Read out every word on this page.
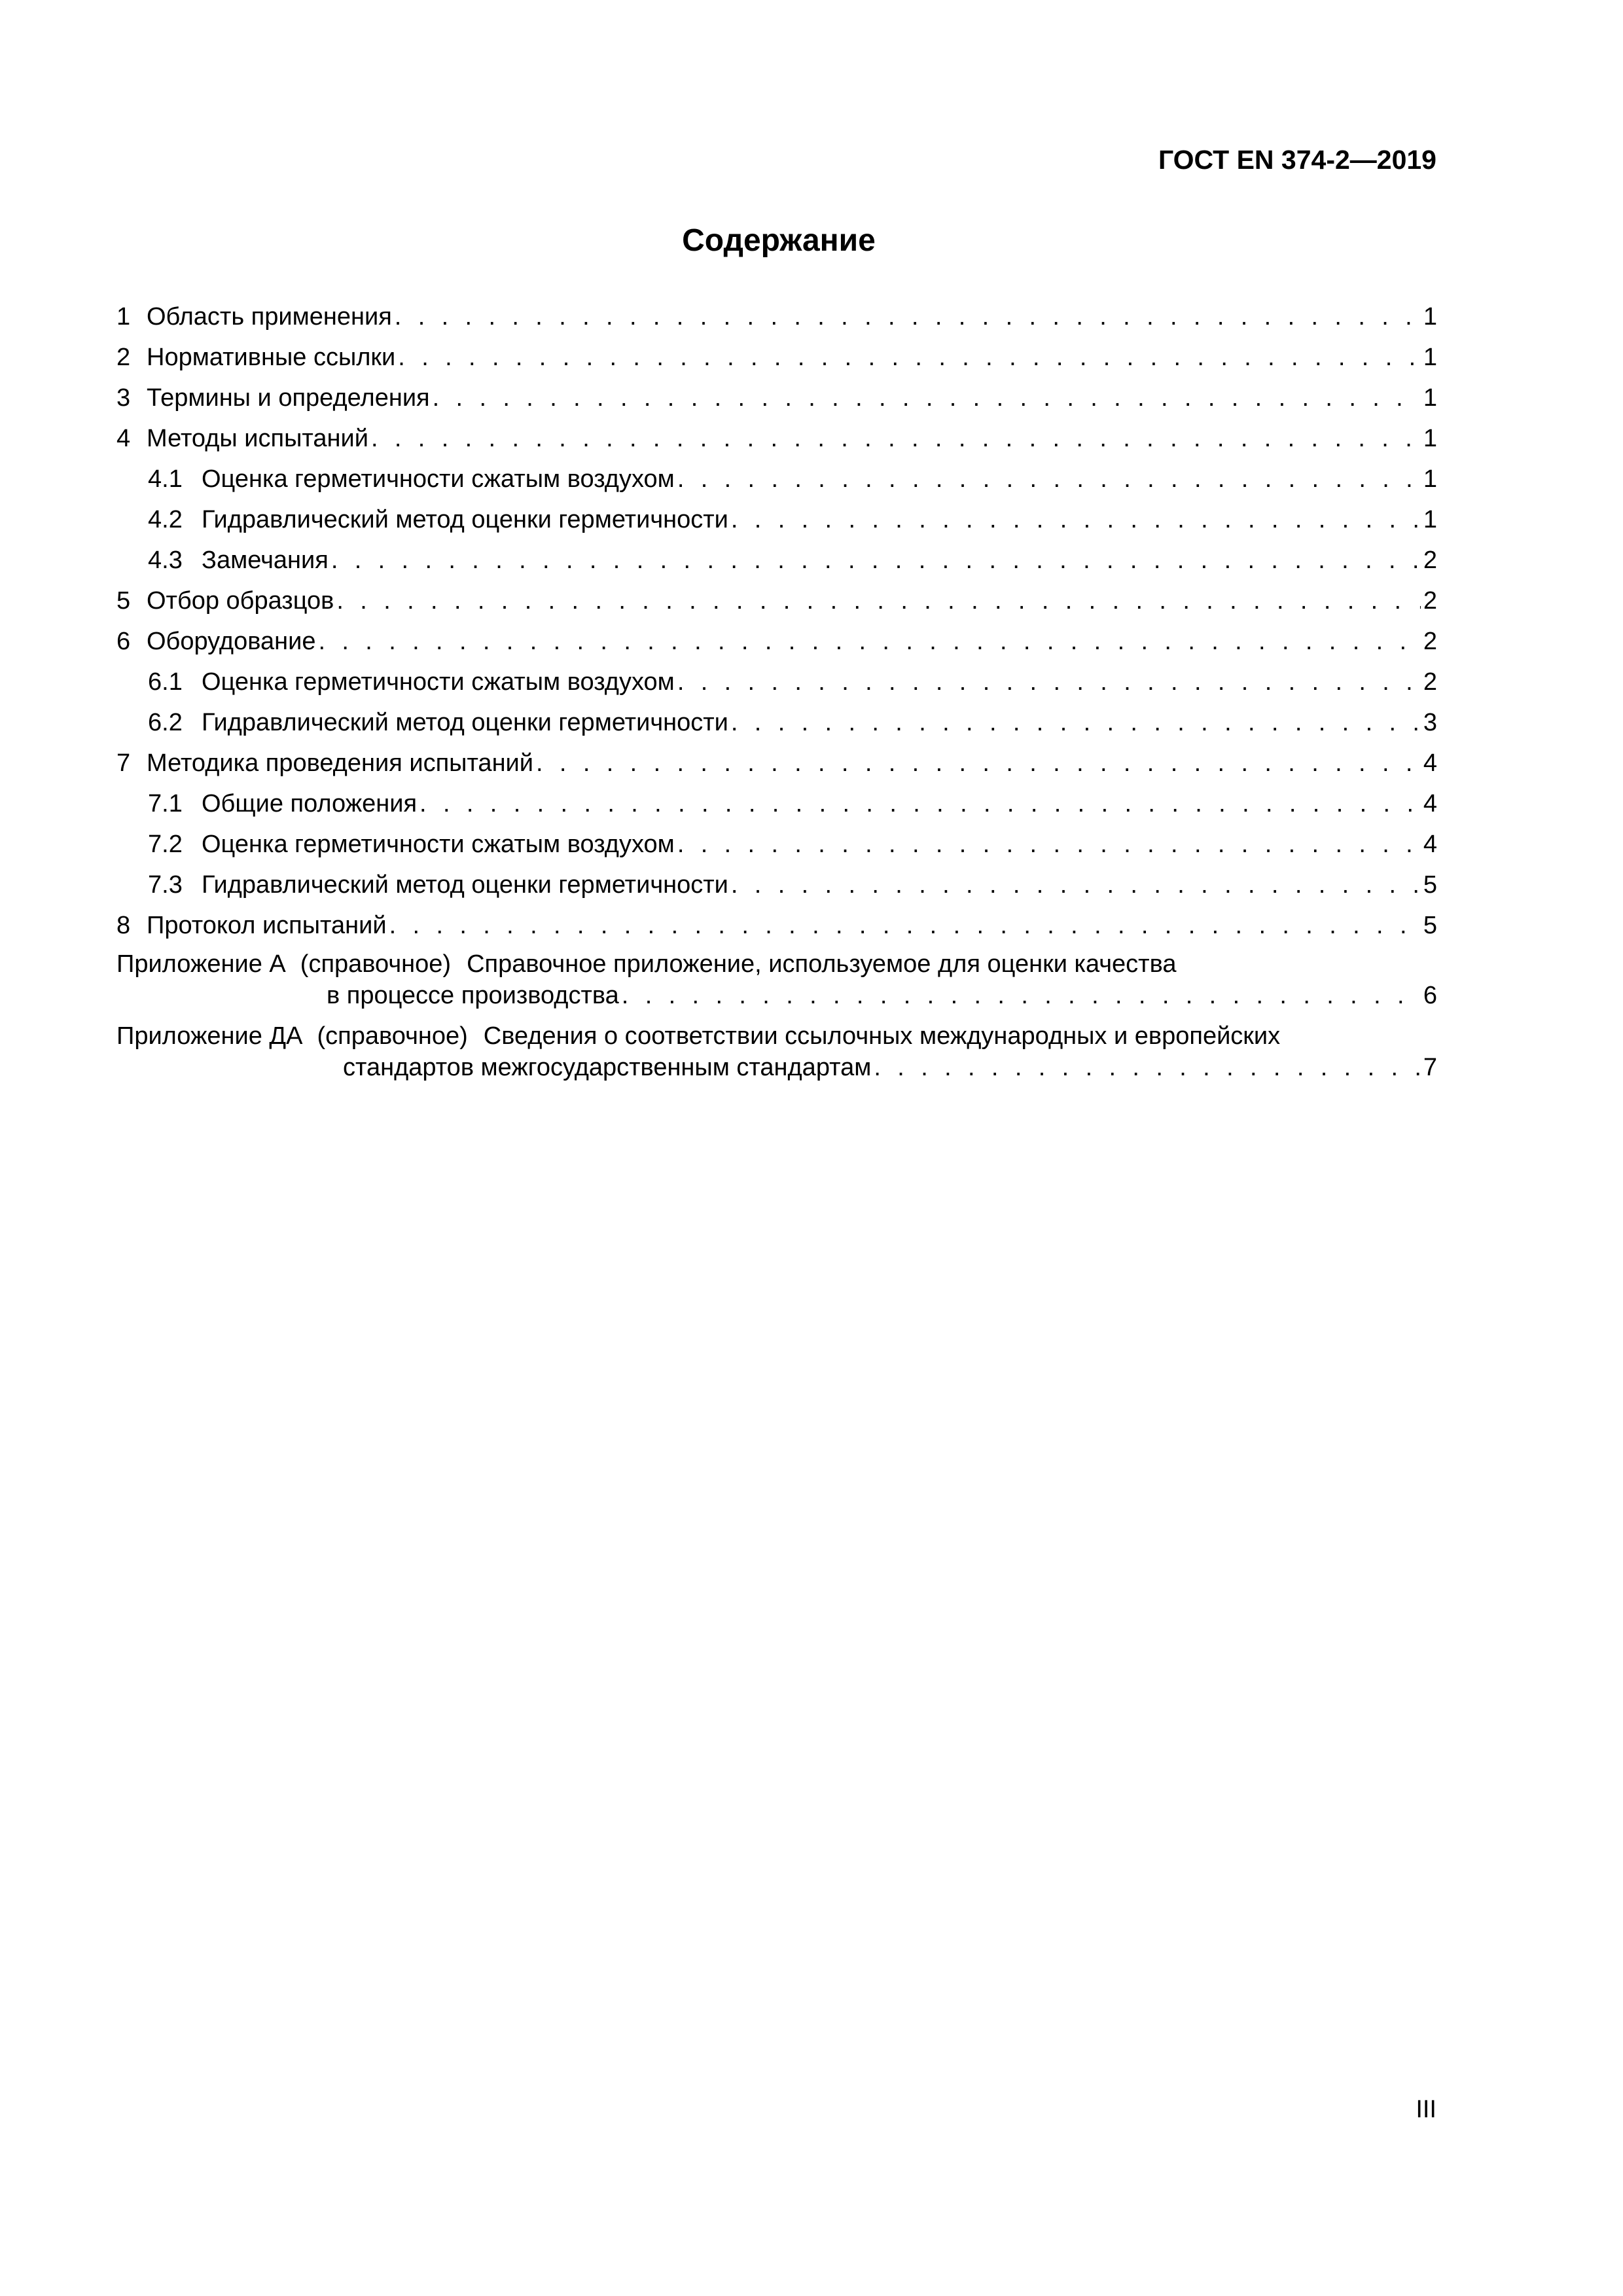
ГОСТ EN 374-2—2019
Содержание
1 Область применения . . .	1
2 Нормативные ссылки . . .	1
3 Термины и определения . . .	1
4 Методы испытаний . . .	1
4.1 Оценка герметичности сжатым воздухом . . .	1
4.2 Гидравлический метод оценки герметичности . . .	1
4.3 Замечания . . .	2
5 Отбор образцов . . .	2
6 Оборудование . . .	2
6.1 Оценка герметичности сжатым воздухом . . .	2
6.2 Гидравлический метод оценки герметичности . . .	3
7 Методика проведения испытаний . . .	4
7.1 Общие положения . . .	4
7.2 Оценка герметичности сжатым воздухом . . .	4
7.3 Гидравлический метод оценки герметичности . . .	5
8 Протокол испытаний . . .	5
Приложение А (справочное) Справочное приложение, используемое для оценки качества
в процессе производства . . .	6
Приложение ДА (справочное) Сведения о соответствии ссылочных международных и европейских
стандартов межгосударственным стандартам . . .	7
III
